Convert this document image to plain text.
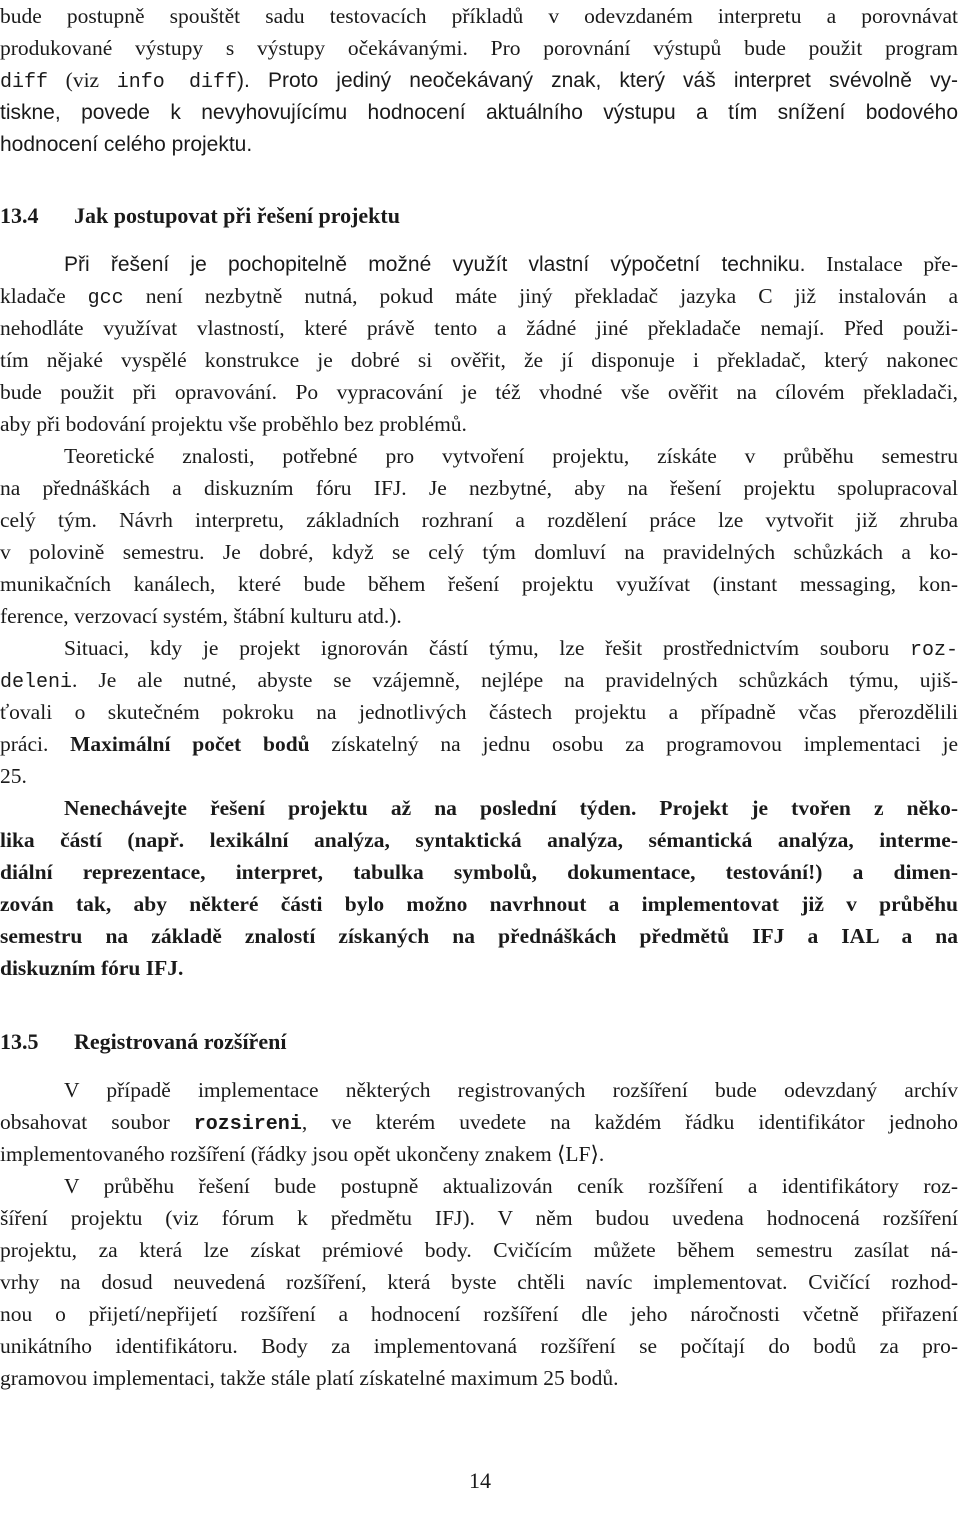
bude postupně spouštět sadu testovacích příkladů v odevzdaném interpretu a porovnávat
produkované výstupy s výstupy očekávanými. Pro porovnání výstupů bude použit program
diff (viz info diff). Proto jediný neočekávaný znak, který váš interpret svévolně vy-
tiskne, povede k nevyhovujícímu hodnocení aktuálního výstupu a tím snížení bodového
hodnocení celého projektu.
13.4 Jak postupovat při řešení projektu
Při řešení je pochopitelně možné využít vlastní výpočetní techniku. Instalace pře-
kladače gcc není nezbytně nutná, pokud máte jiný překladač jazyka C již instalován a
nehodláte využívat vlastností, které právě tento a žádné jiné překladače nemají. Před použi-
tím nějaké vyspělé konstrukce je dobré si ověřit, že jí disponuje i překladač, který nakonec
bude použit při opravování. Po vypracování je též vhodné vše ověřit na cílovém překladači,
aby při bodování projektu vše proběhlo bez problémů.
Teoretické znalosti, potřebné pro vytvoření projektu, získáte v průběhu semestru
na přednáškách a diskuzním fóru IFJ. Je nezbytné, aby na řešení projektu spolupracoval
celý tým. Návrh interpretu, základních rozhraní a rozdělení práce lze vytvořit již zhruba
v polovině semestru. Je dobré, když se celý tým domluví na pravidelných schůzkách a ko-
munikačních kanálech, které bude během řešení projektu využívat (instant messaging, kon-
ference, verzovací systém, štábní kulturu atd.).
Situaci, kdy je projekt ignorován částí týmu, lze řešit prostřednictvím souboru roz-
deleni. Je ale nutné, abyste se vzájemně, nejlépe na pravidelných schůzkách týmu, ujiš-
ťovali o skutečném pokroku na jednotlivých částech projektu a případně včas přerozdělili
práci. Maximální počet bodů získatelný na jednu osobu za programovou implementaci je
25.
Nenechávejte řešení projektu až na poslední týden. Projekt je tvořen z něko-
lika částí (např. lexikální analýza, syntaktická analýza, sémantická analýza, interme-
diální reprezentace, interpret, tabulka symbolů, dokumentace, testování!) a dimen-
zován tak, aby některé části bylo možno navrhnout a implementovat již v průběhu
semestru na základě znalostí získaných na přednáškách předmětů IFJ a IAL a na
diskuzním fóru IFJ.
13.5 Registrovaná rozšíření
V případě implementace některých registrovaných rozšíření bude odevzdaný archív
obsahovat soubor rozsireni, ve kterém uvedete na každém řádku identifikátor jednoho
implementovaného rozšíření (řádky jsou opět ukončeny znakem ⟨LF⟩.
V průběhu řešení bude postupně aktualizován ceník rozšíření a identifikátory roz-
šíření projektu (viz fórum k předmětu IFJ). V něm budou uvedena hodnocená rozšíření
projektu, za která lze získat prémiové body. Cvičícím můžete během semestru zasílat ná-
vrhy na dosud neuvedená rozšíření, která byste chtěli navíc implementovat. Cvičící rozhod-
nou o přijetí/nepřijetí rozšíření a hodnocení rozšíření dle jeho náročnosti včetně přiřazení
unikátního identifikátoru. Body za implementovaná rozšíření se počítají do bodů za pro-
gramovou implementaci, takže stále platí získatelné maximum 25 bodů.
14
